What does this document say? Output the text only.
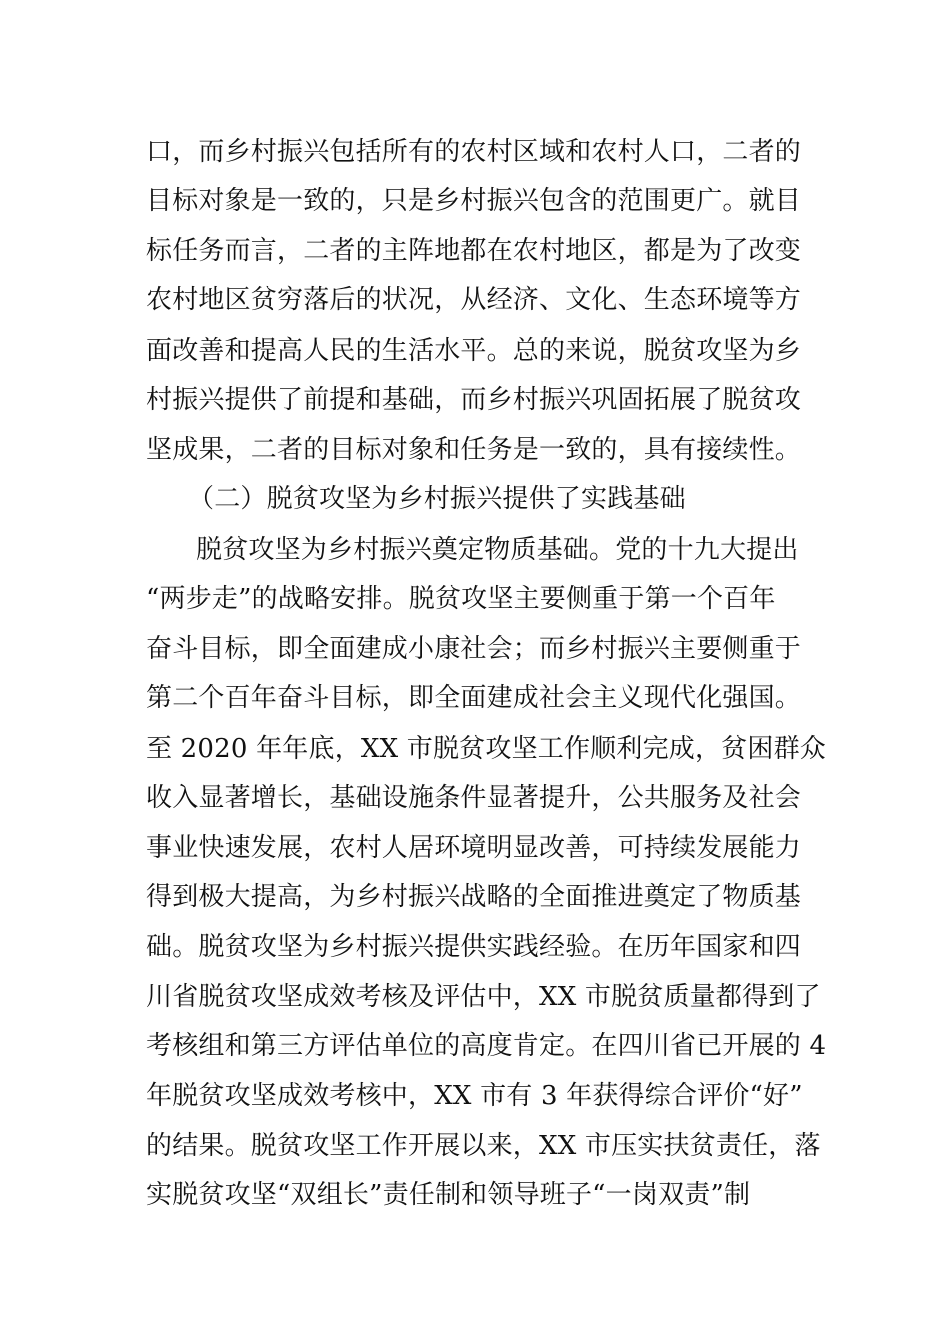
口，而乡村振兴包括所有的农村区域和农村人口，二者的
目标对象是一致的，只是乡村振兴包含的范围更广。就目
标任务而言，二者的主阵地都在农村地区，都是为了改变
农村地区贫穷落后的状况，从经济、文化、生态环境等方
面改善和提高人民的生活水平。总的来说，脱贫攻坚为乡
村振兴提供了前提和基础，而乡村振兴巩固拓展了脱贫攻
坚成果，二者的目标对象和任务是一致的，具有接续性。
（二）脱贫攻坚为乡村振兴提供了实践基础
脱贫攻坚为乡村振兴奠定物质基础。党的十九大提出
“两步走”的战略安排。脱贫攻坚主要侧重于第一个百年
奋斗目标，即全面建成小康社会；而乡村振兴主要侧重于
第二个百年奋斗目标，即全面建成社会主义现代化强国。
至 2020 年年底，XX 市脱贫攻坚工作顺利完成，贫困群众
收入显著增长，基础设施条件显著提升，公共服务及社会
事业快速发展，农村人居环境明显改善，可持续发展能力
得到极大提高，为乡村振兴战略的全面推进奠定了物质基
础。脱贫攻坚为乡村振兴提供实践经验。在历年国家和四
川省脱贫攻坚成效考核及评估中，XX 市脱贫质量都得到了
考核组和第三方评估单位的高度肯定。在四川省已开展的 4
年脱贫攻坚成效考核中，XX 市有 3 年获得综合评价“好”
的结果。脱贫攻坚工作开展以来，XX 市压实扶贫责任，落
实脱贫攻坚“双组长”责任制和领导班子“一岗双责”制
